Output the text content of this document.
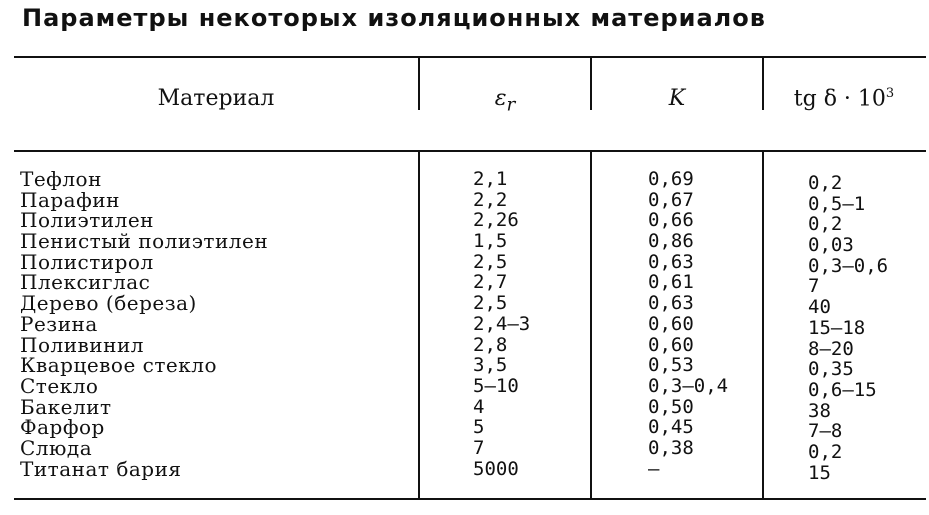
Параметры некоторых изоляционных материалов
Материал	$\varepsilon_r$	K	tg $\delta \cdot 10^3$
Тефлон	2,1	0,69	0,2
Парафин	2,2	0,67	0,5—1
Полиэтилен	2,26	0,66	0,2
Пенистый полиэтилен	1,5	0,86	0,03
Полистирол	2,5	0,63	0,3—0,6
Плексиглас	2,7	0,61	7
Дерево (береза)	2,5	0,63	40
Резина	2,4—3	0,60	15—18
Поливинил	2,8	0,60	8—20
Кварцевое стекло	3,5	0,53	0,35
Стекло	5—10	0,3—0,4	0,6—15
Бакелит	4	0,50	38
Фарфор	5	0,45	7—8
Слюда	7	0,38	0,2
Титанат бария	5000	—	15
